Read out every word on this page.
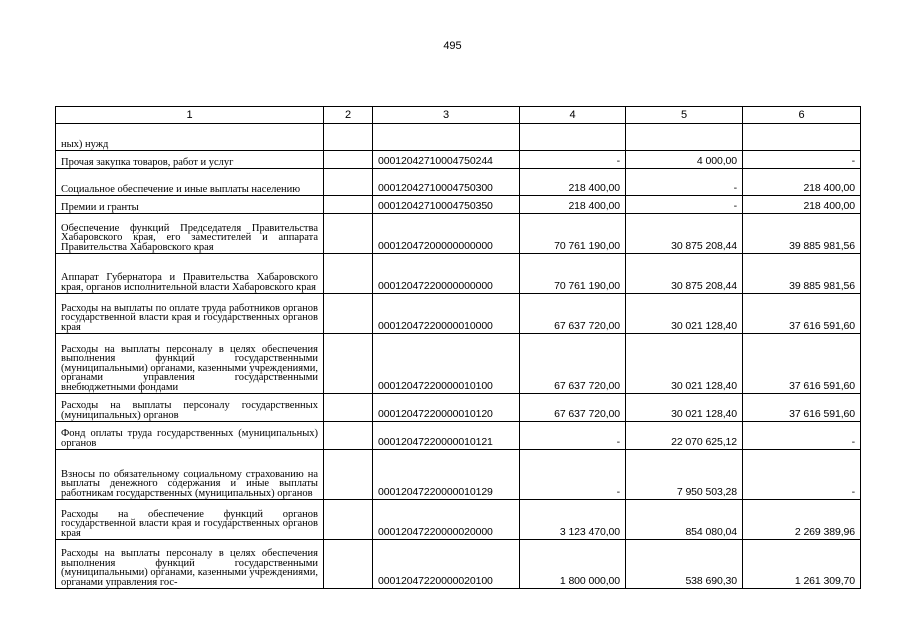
495
1	2	3	4	5	6
ных) нужд					
Прочая закупка товаров, работ и услуг		00012042710004750244	-	4 000,00	-
Социальное обеспечение и иные выплаты населению		00012042710004750300	218 400,00	-	218 400,00
Премии и гранты		00012042710004750350	218 400,00	-	218 400,00
Обеспечение функций Председателя Правительства Хабаровского края, его заместителей и аппарата Правительства Хабаровского края		00012047200000000000	70 761 190,00	30 875 208,44	39 885 981,56
Аппарат Губернатора и Правительства Хабаровского края, органов исполнительной власти Хабаровского края		00012047220000000000	70 761 190,00	30 875 208,44	39 885 981,56
Расходы на выплаты по оплате труда работников органов государственной власти края и государственных органов края		00012047220000010000	67 637 720,00	30 021 128,40	37 616 591,60
Расходы на выплаты персоналу в целях обеспечения выполнения функций государственными (муниципальными) органами, казенными учреждениями, органами управления государственными внебюджетными фондами		00012047220000010100	67 637 720,00	30 021 128,40	37 616 591,60
Расходы на выплаты персоналу государственных (муниципальных) органов		00012047220000010120	67 637 720,00	30 021 128,40	37 616 591,60
Фонд оплаты труда государственных (муниципальных) органов		00012047220000010121	-	22 070 625,12	-
Взносы по обязательному социальному страхованию на выплаты денежного содержания и иные выплаты работникам государственных (муниципальных) органов		00012047220000010129	-	7 950 503,28	-
Расходы на обеспечение функций органов государственной власти края и государственных органов края		00012047220000020000	3 123 470,00	854 080,04	2 269 389,96
Расходы на выплаты персоналу в целях обеспечения выполнения функций государственными (муниципальными) органами, казенными учреждениями, органами управления гос-		00012047220000020100	1 800 000,00	538 690,30	1 261 309,70
